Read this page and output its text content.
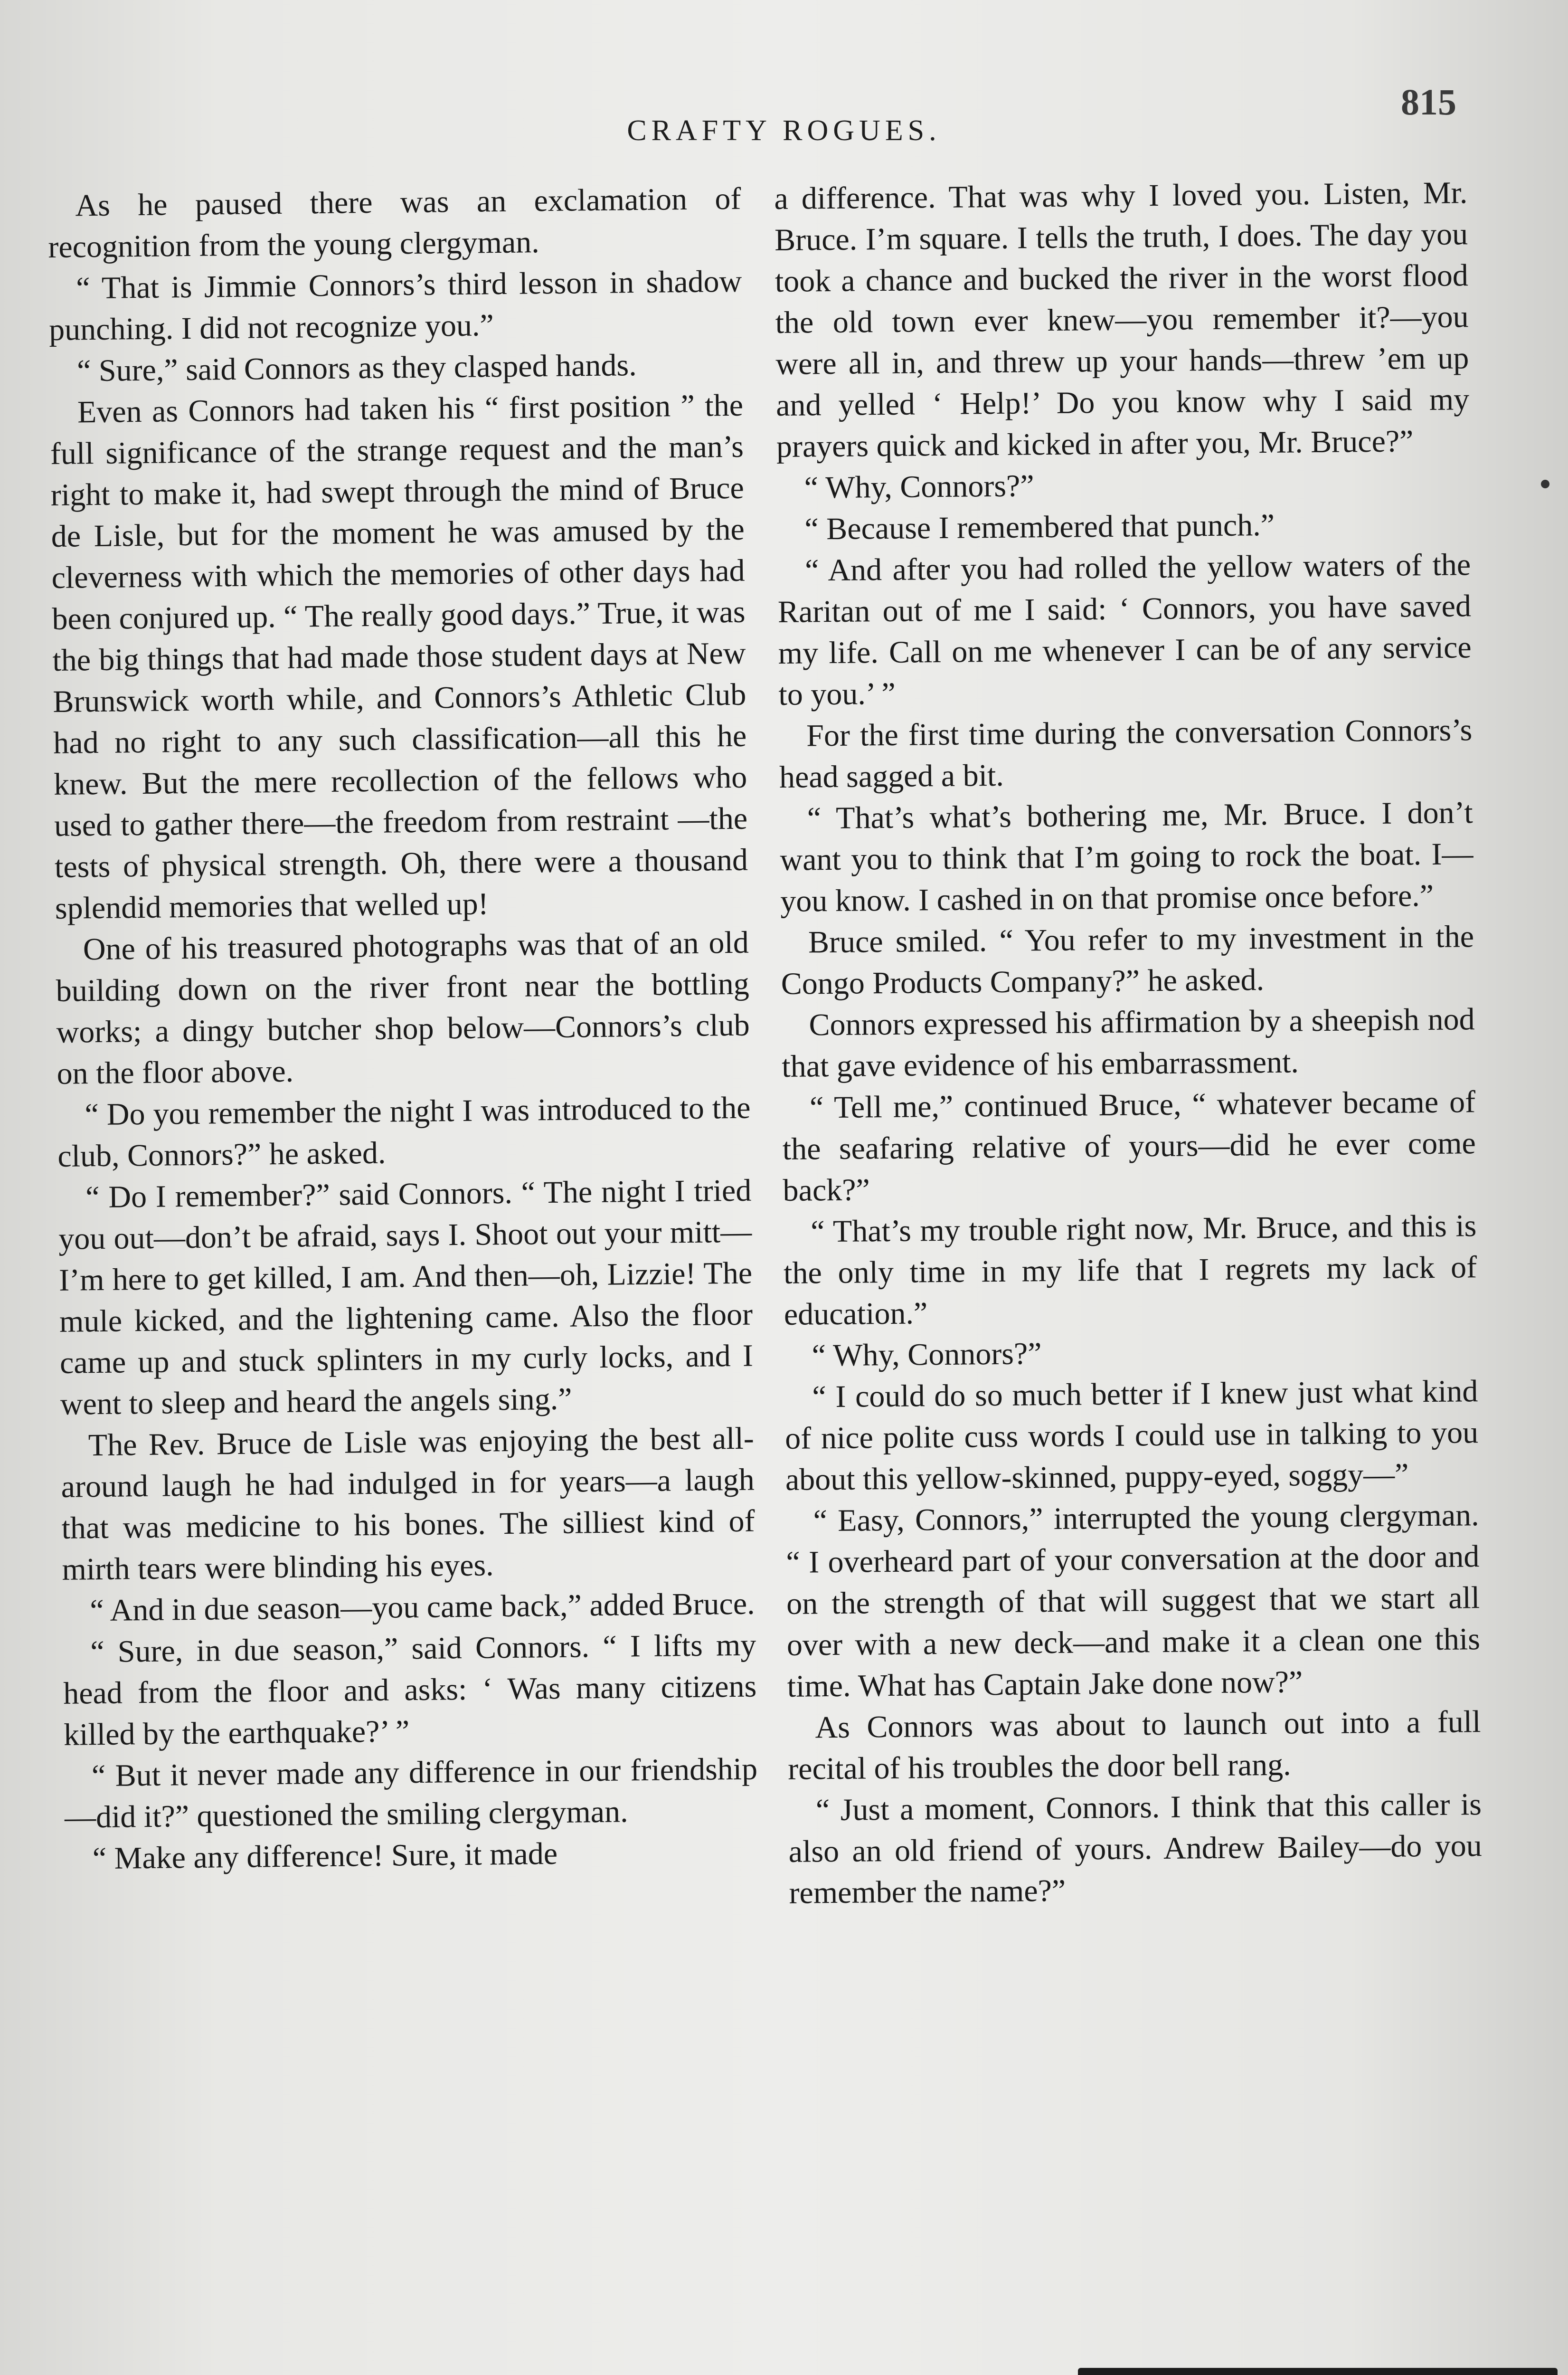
CRAFTY ROGUES.
815

As he paused there was an exclamation of recognition from the young clergyman.

“ That is Jimmie Connors’s third lesson in shadow punching. I did not recognize you.”

“ Sure,” said Connors as they clasped hands.

Even as Connors had taken his “ first position ” the full significance of the strange request and the man’s right to make it, had swept through the mind of Bruce de Lisle, but for the moment he was amused by the cleverness with which the memories of other days had been conjured up. “ The really good days.” True, it was the big things that had made those student days at New Brunswick worth while, and Connors’s Athletic Club had no right to any such classification—all this he knew. But the mere recollection of the fellows who used to gather there—the freedom from restraint —the tests of physical strength. Oh, there were a thousand splendid memories that welled up!

One of his treasured photographs was that of an old building down on the river front near the bottling works; a dingy butcher shop below—Connors’s club on the floor above.

“ Do you remember the night I was introduced to the club, Connors?” he asked.

“ Do I remember?” said Connors. “ The night I tried you out—don’t be afraid, says I. Shoot out your mitt—I’m here to get killed, I am. And then—oh, Lizzie! The mule kicked, and the lightening came. Also the floor came up and stuck splinters in my curly locks, and I went to sleep and heard the angels sing.”

The Rev. Bruce de Lisle was enjoying the best all-around laugh he had indulged in for years—a laugh that was medicine to his bones. The silliest kind of mirth tears were blinding his eyes.

“ And in due season—you came back,” added Bruce.

“ Sure, in due season,” said Connors. “ I lifts my head from the floor and asks: ‘ Was many citizens killed by the earthquake?’ ”

“ But it never made any difference in our friendship—did it?” questioned the smiling clergyman.

“ Make any difference! Sure, it made

a difference. That was why I loved you. Listen, Mr. Bruce. I’m square. I tells the truth, I does. The day you took a chance and bucked the river in the worst flood the old town ever knew—you remember it?—you were all in, and threw up your hands—threw ’em up and yelled ‘ Help!’ Do you know why I said my prayers quick and kicked in after you, Mr. Bruce?”

“ Why, Connors?”

“ Because I remembered that punch.”

“ And after you had rolled the yellow waters of the Raritan out of me I said: ‘ Connors, you have saved my life. Call on me whenever I can be of any service to you.’ ”

For the first time during the conversation Connors’s head sagged a bit.

“ That’s what’s bothering me, Mr. Bruce. I don’t want you to think that I’m going to rock the boat. I—you know. I cashed in on that promise once before.”

Bruce smiled. “ You refer to my investment in the Congo Products Company?” he asked.

Connors expressed his affirmation by a sheepish nod that gave evidence of his embarrassment.

“ Tell me,” continued Bruce, “ whatever became of the seafaring relative of yours—did he ever come back?”

“ That’s my trouble right now, Mr. Bruce, and this is the only time in my life that I regrets my lack of education.”

“ Why, Connors?”

“ I could do so much better if I knew just what kind of nice polite cuss words I could use in talking to you about this yellow-skinned, puppy-eyed, soggy—”

“ Easy, Connors,” interrupted the young clergyman. “ I overheard part of your conversation at the door and on the strength of that will suggest that we start all over with a new deck—and make it a clean one this time. What has Captain Jake done now?”

As Connors was about to launch out into a full recital of his troubles the door bell rang.

“ Just a moment, Connors. I think that this caller is also an old friend of yours. Andrew Bailey—do you remember the name?”
